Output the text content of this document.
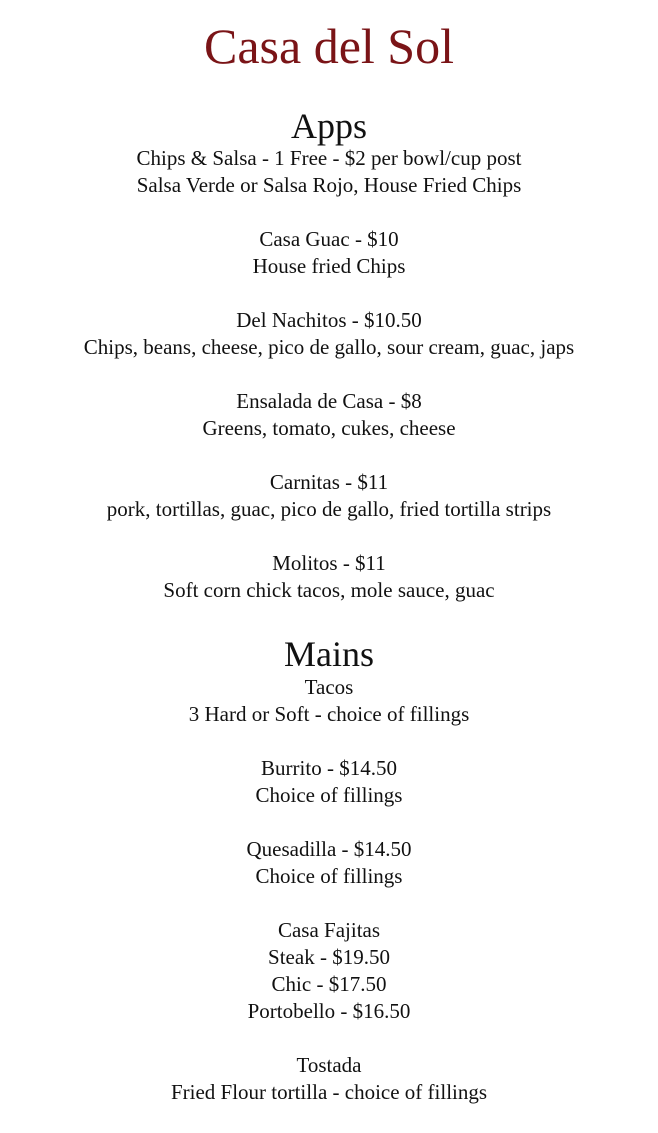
Casa del Sol
Apps
Chips & Salsa - 1 Free - $2 per bowl/cup post
Salsa Verde or Salsa Rojo, House Fried Chips
Casa Guac - $10
House fried Chips
Del Nachitos - $10.50
Chips, beans, cheese, pico de gallo, sour cream, guac, japs
Ensalada de Casa - $8
Greens, tomato, cukes, cheese
Carnitas - $11
pork, tortillas, guac, pico de gallo, fried tortilla strips
Molitos - $11
Soft corn chick tacos, mole sauce, guac
Mains
Tacos
3 Hard or Soft - choice of fillings
Burrito - $14.50
Choice of fillings
Quesadilla - $14.50
Choice of fillings
Casa Fajitas
Steak - $19.50
Chic - $17.50
Portobello - $16.50
Tostada
Fried Flour tortilla - choice of fillings
